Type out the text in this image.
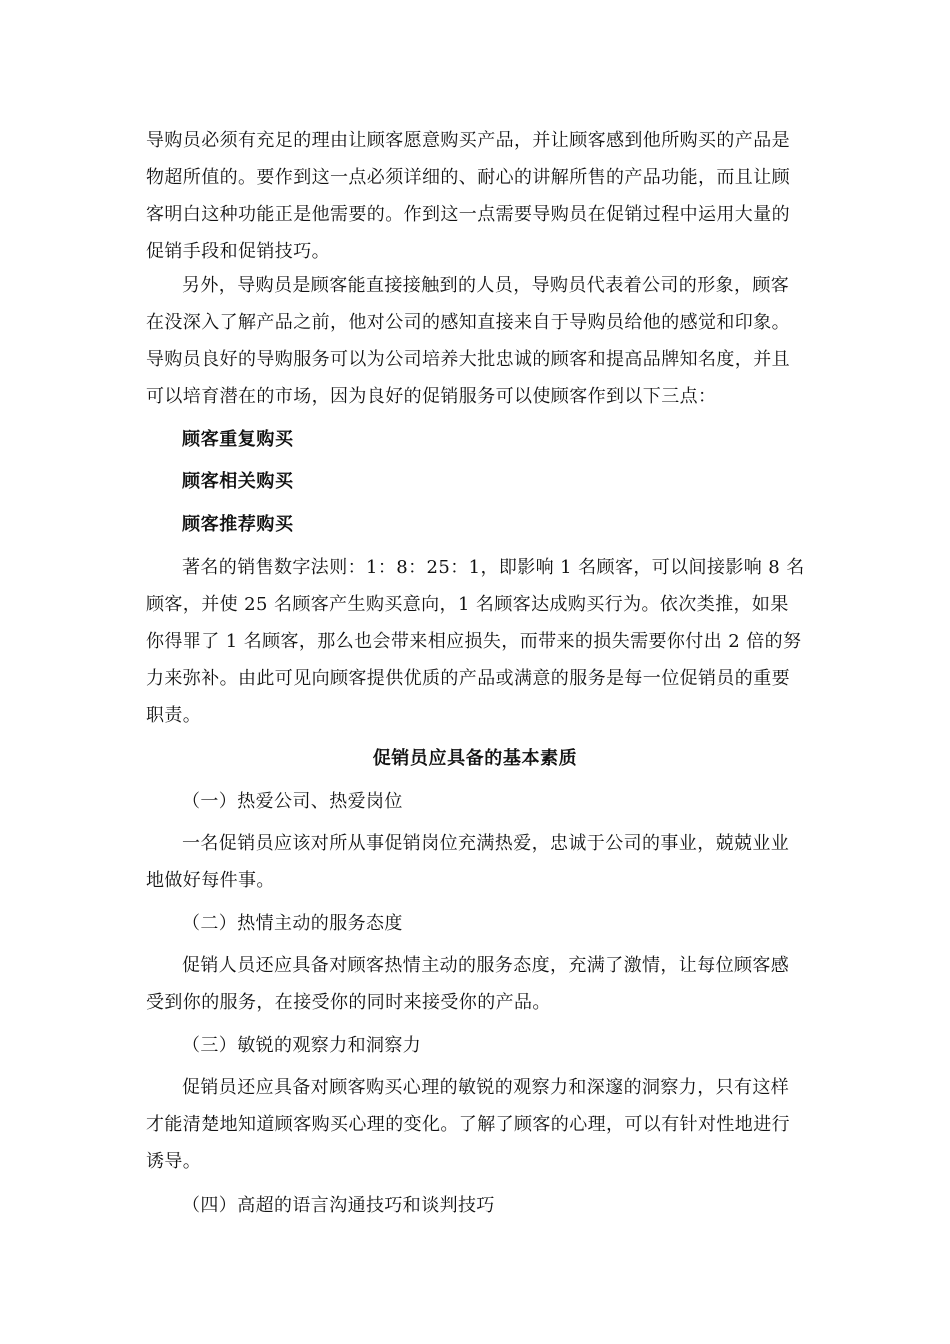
导购员必须有充足的理由让顾客愿意购买产品，并让顾客感到他所购买的产品是物超所值的。要作到这一点必须详细的、耐心的讲解所售的产品功能，而且让顾客明白这种功能正是他需要的。作到这一点需要导购员在促销过程中运用大量的促销手段和促销技巧。

另外，导购员是顾客能直接接触到的人员，导购员代表着公司的形象，顾客在没深入了解产品之前，他对公司的感知直接来自于导购员给他的感觉和印象。导购员良好的导购服务可以为公司培养大批忠诚的顾客和提高品牌知名度，并且可以培育潜在的市场，因为良好的促销服务可以使顾客作到以下三点：

顾客重复购买
顾客相关购买
顾客推荐购买

著名的销售数字法则：1：8：25：1，即影响 1 名顾客，可以间接影响 8 名顾客，并使 25 名顾客产生购买意向，1 名顾客达成购买行为。依次类推，如果你得罪了 1 名顾客，那么也会带来相应损失，而带来的损失需要你付出 2 倍的努力来弥补。由此可见向顾客提供优质的产品或满意的服务是每一位促销员的重要职责。

促销员应具备的基本素质
（一）热爱公司、热爱岗位

一名促销员应该对所从事促销岗位充满热爱，忠诚于公司的事业，兢兢业业地做好每件事。

（二）热情主动的服务态度

促销人员还应具备对顾客热情主动的服务态度，充满了激情，让每位顾客感受到你的服务，在接受你的同时来接受你的产品。

（三）敏锐的观察力和洞察力

促销员还应具备对顾客购买心理的敏锐的观察力和深邃的洞察力，只有这样才能清楚地知道顾客购买心理的变化。了解了顾客的心理，可以有针对性地进行诱导。

（四）高超的语言沟通技巧和谈判技巧
